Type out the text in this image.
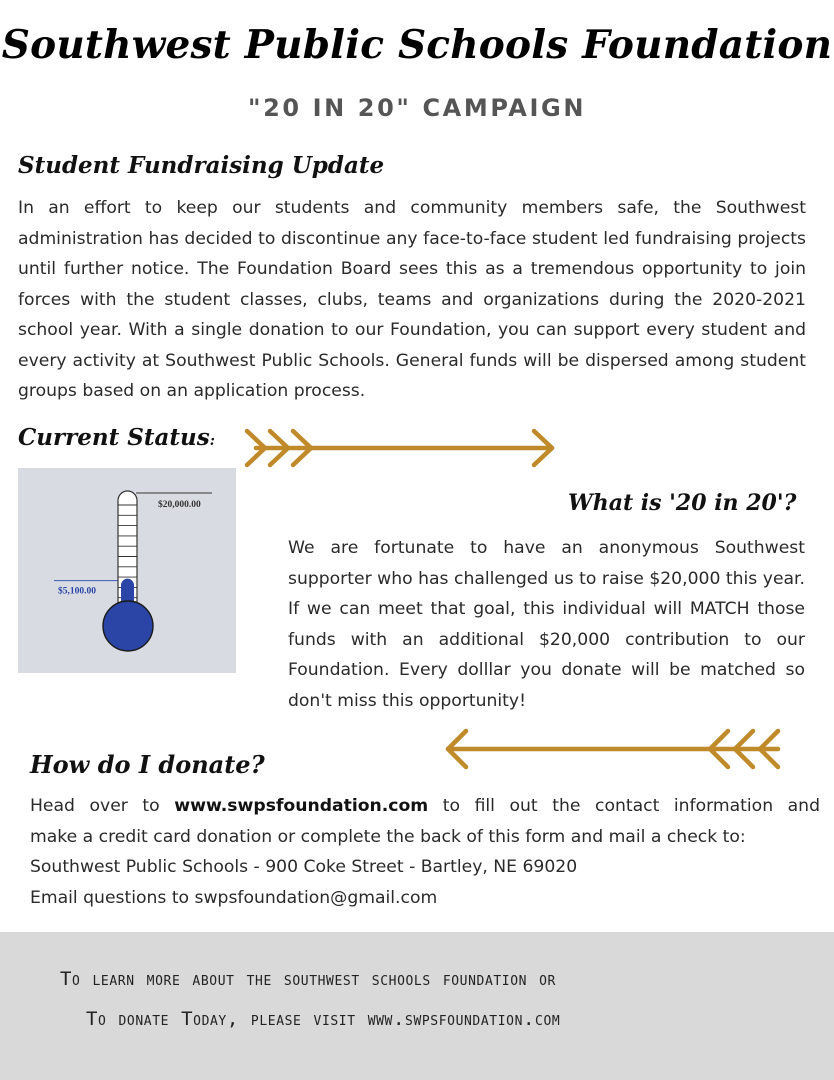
Southwest Public Schools Foundation
"20 IN 20" CAMPAIGN
Student Fundraising Update
In an effort to keep our students and community members safe, the Southwest administration has decided to discontinue any face-to-face student led fundraising projects until further notice. The Foundation Board sees this as a tremendous opportunity to join forces with the student classes, clubs, teams and organizations during the 2020-2021 school year. With a single donation to our Foundation, you can support every student and every activity at Southwest Public Schools. General funds will be dispersed among student groups based on an application process.
Current Status:
$20,000.00
$5,100.00
What is '20 in 20'?
We are fortunate to have an anonymous Southwest supporter who has challenged us to raise $20,000 this year. If we can meet that goal, this individual will MATCH those funds with an additional $20,000 contribution to our Foundation. Every dolllar you donate will be matched so don't miss this opportunity!
How do I donate?
Head over to www.swpsfoundation.com to fill out the contact information and
make a credit card donation or complete the back of this form and mail a check to:
Southwest Public Schools - 900 Coke Street - Bartley, NE 69020
Email questions to swpsfoundation@gmail.com
To learn more about the southwest schools foundation or
To donate Today, please visit www.swpsfoundation.com
